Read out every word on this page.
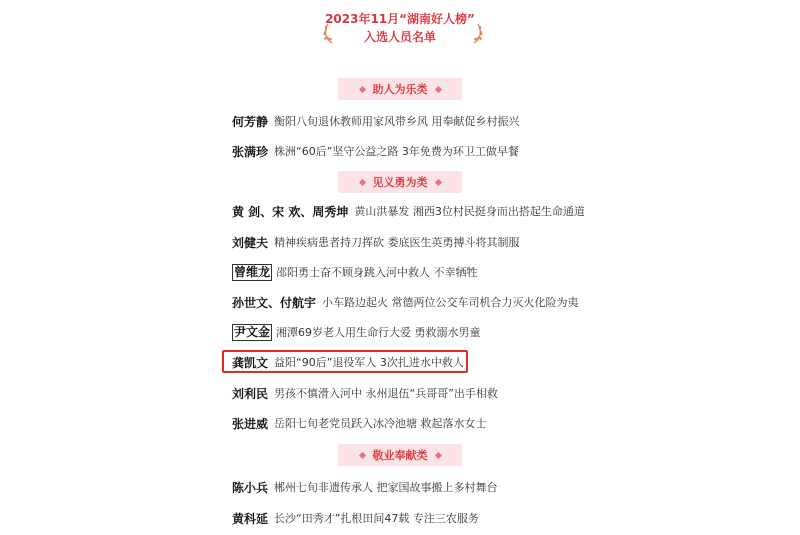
2023年11月“湖南好人榜”
入选人员名单
助人为乐类
何芳静 衡阳八旬退休教师用家风带乡风 用奉献促乡村振兴
张满珍 株洲“60后”坚守公益之路 3年免费为环卫工做早餐
见义勇为类
黄 剑、宋 欢、周秀坤 黄山洪暴发 湘西3位村民挺身而出搭起生命通道
刘健夫 精神疾病患者持刀挥砍 娄底医生英勇搏斗将其制服
曾维龙 邵阳勇士奋不顾身跳入河中救人 不幸牺牲
孙世文、付航宇 小车路边起火 常德两位公交车司机合力灭火化险为夷
尹文金 湘潭69岁老人用生命行大爱 勇救溺水男童
龚凯文 益阳“90后”退役军人 3次扎进水中救人
刘利民 男孩不慎滑入河中 永州退伍“兵哥哥”出手相救
张进威 岳阳七旬老党员跃入冰冷池塘 救起落水女士
敬业奉献类
陈小兵 郴州七旬非遗传承人 把家国故事搬上多村舞台
黄科延 长沙“田秀才”扎根田间47载 专注三农服务
